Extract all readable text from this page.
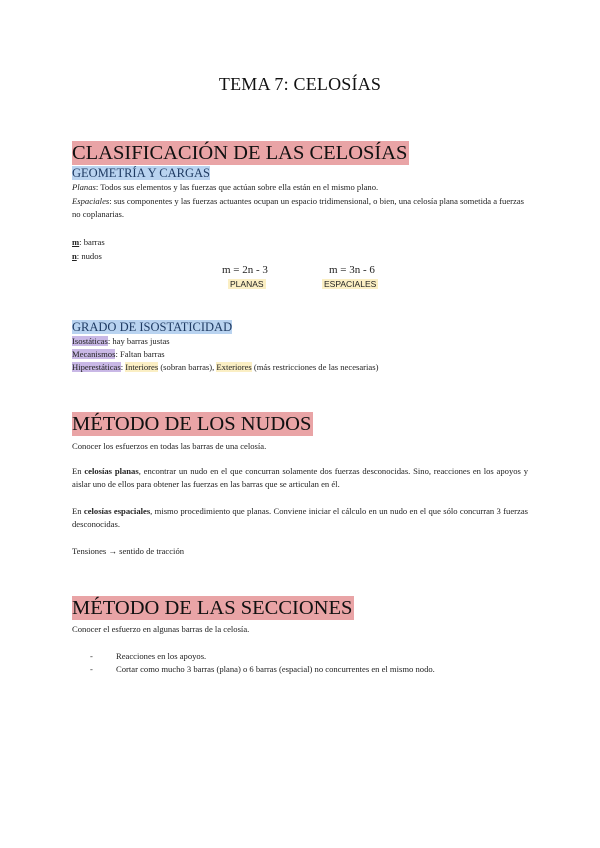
TEMA 7: CELOSÍAS
CLASIFICACIÓN DE LAS CELOSÍAS
GEOMETRÍA Y CARGAS
Planas: Todos sus elementos y las fuerzas que actúan sobre ella están en el mismo plano.
Espaciales: sus componentes y las fuerzas actuantes ocupan un espacio tridimensional, o bien, una celosía plana sometida a fuerzas no coplanarias.
m: barras
n: nudos
m = 2n - 3	m = 3n - 6
PLANAS	ESPACIALES
GRADO DE ISOSTATICIDAD
Isostáticas: hay barras justas
Mecanismos: Faltan barras
Hiperestáticas: Interiores (sobran barras), Exteriores (más restricciones de las necesarias)
MÉTODO DE LOS NUDOS
Conocer los esfuerzos en todas las barras de una celosía.
En celosías planas, encontrar un nudo en el que concurran solamente dos fuerzas desconocidas. Sino, reacciones en los apoyos y aislar uno de ellos para obtener las fuerzas en las barras que se articulan en él.
En celosías espaciales, mismo procedimiento que planas. Conviene iniciar el cálculo en un nudo en el que sólo concurran 3 fuerzas desconocidas.
Tensiones → sentido de tracción
MÉTODO DE LAS SECCIONES
Conocer el esfuerzo en algunas barras de la celosía.
-	Reacciones en los apoyos.
-	Cortar como mucho 3 barras (plana) o 6 barras (espacial) no concurrentes en el mismo nodo.
